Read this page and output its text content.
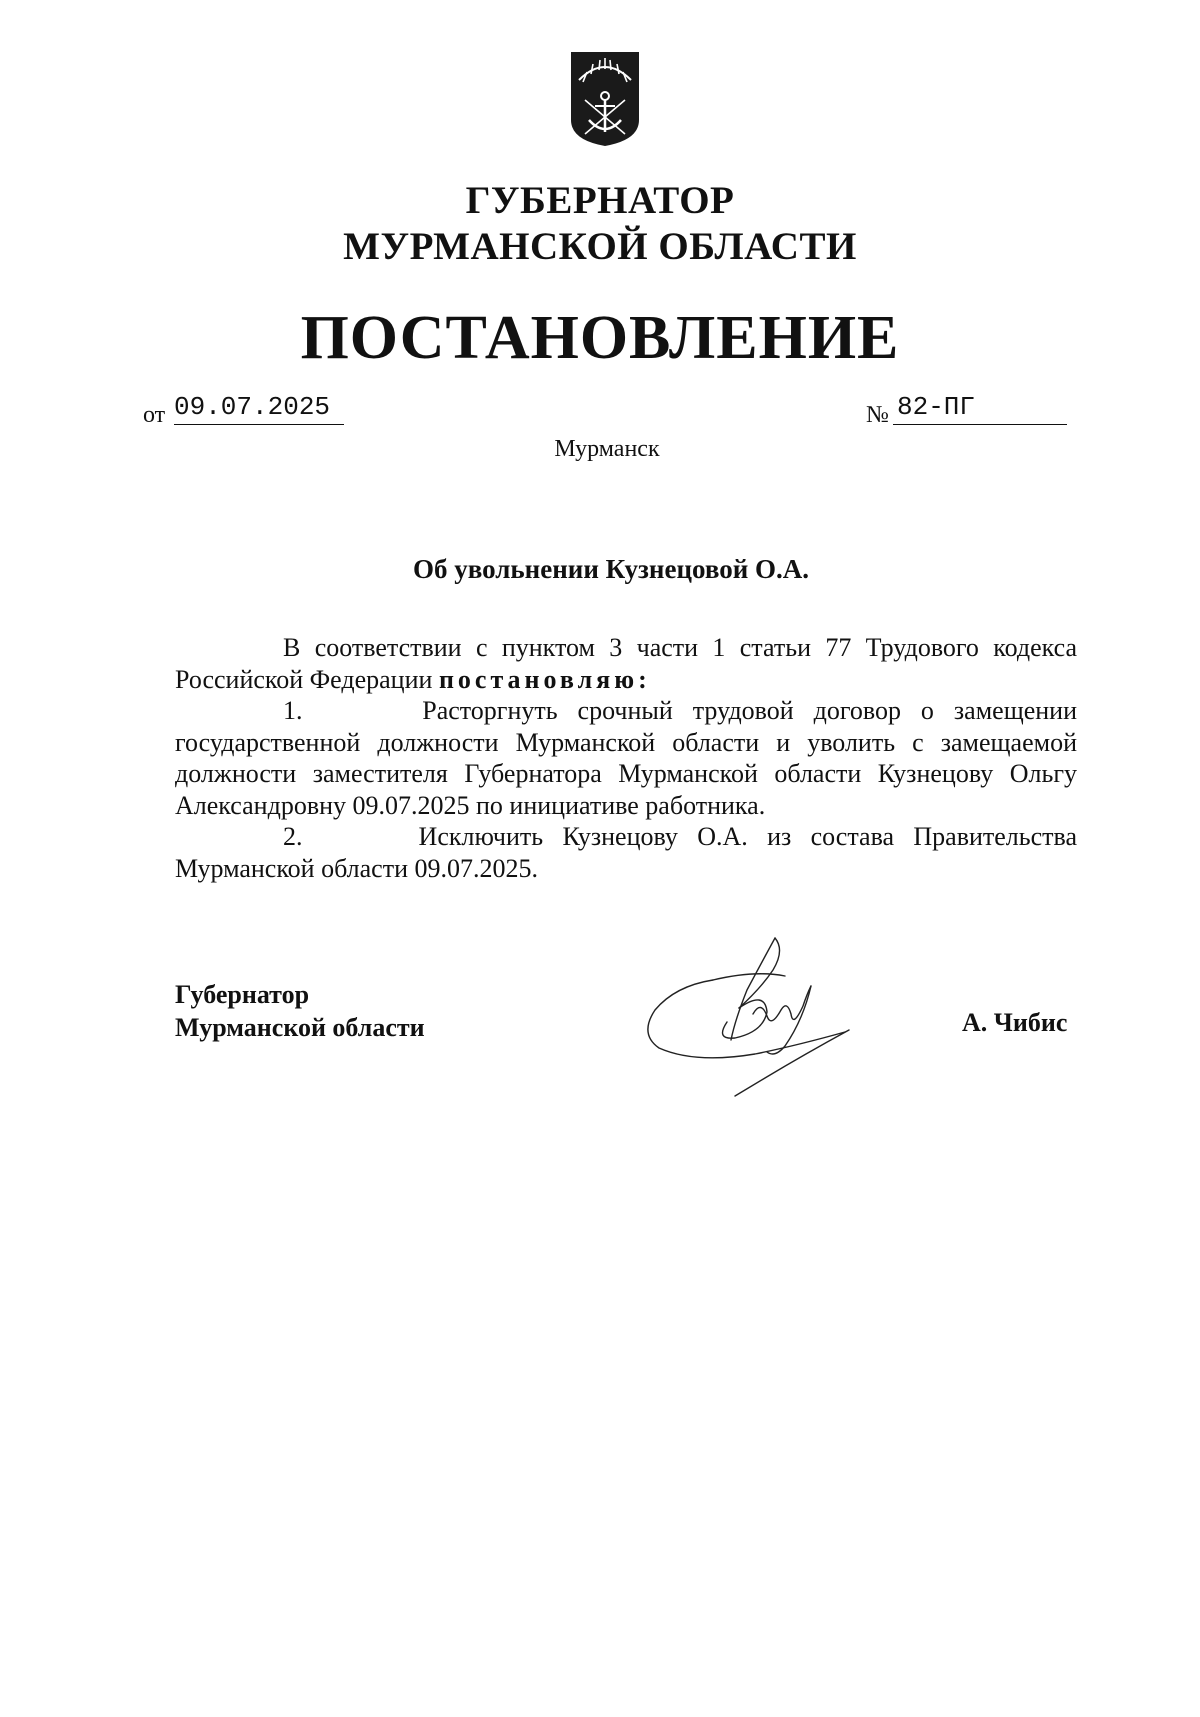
ГУБЕРНАТОР
МУРМАНСКОЙ ОБЛАСТИ
ПОСТАНОВЛЕНИЕ
от 09.07.2025	№ 82-ПГ
Мурманск
Об увольнении Кузнецовой О.А.

В соответствии с пунктом 3 части 1 статьи 77 Трудового кодекса Российской Федерации постановляю:

1.	Расторгнуть срочный трудовой договор о замещении государственной должности Мурманской области и уволить с замещаемой должности заместителя Губернатора Мурманской области Кузнецову Ольгу Александровну 09.07.2025 по инициативе работника.

2.	Исключить Кузнецову О.А. из состава Правительства Мурманской области 09.07.2025.

Губернатор
Мурманской области	А. Чибис
